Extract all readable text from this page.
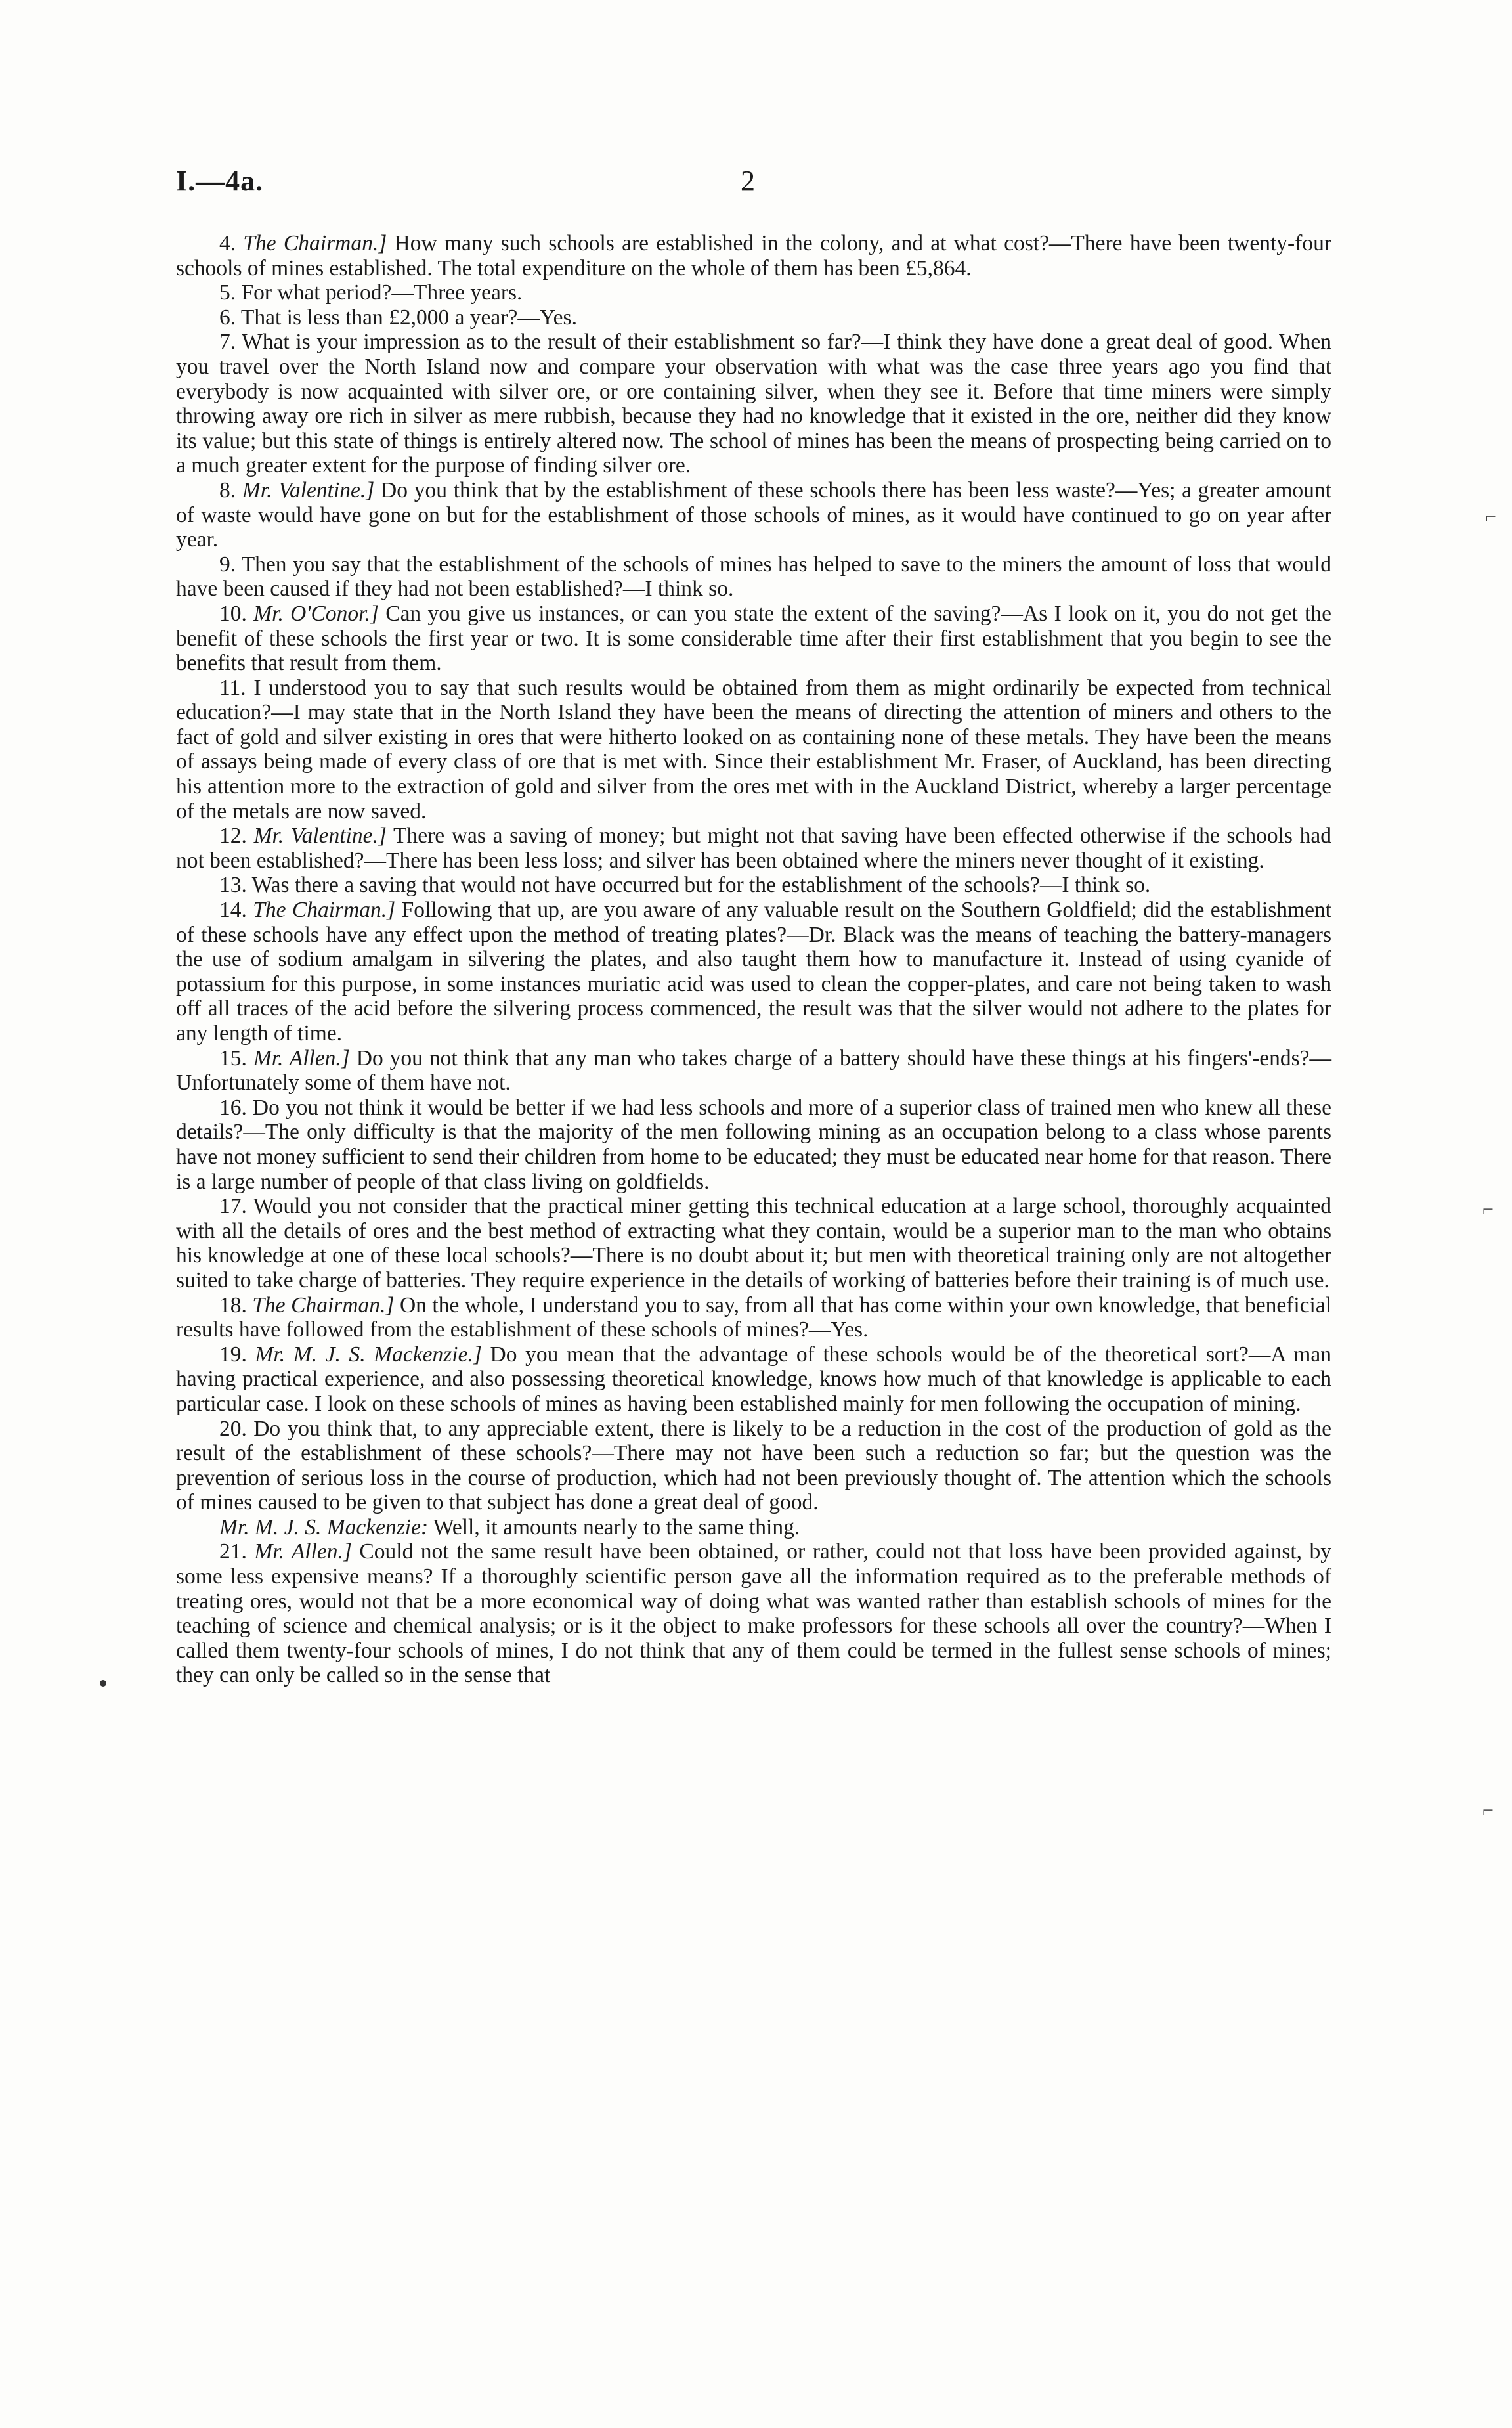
I.—4a.	2

4. The Chairman.] How many such schools are established in the colony, and at what cost?—There have been twenty-four schools of mines established. The total expenditure on the whole of them has been £5,864.

5. For what period?—Three years.

6. That is less than £2,000 a year?—Yes.

7. What is your impression as to the result of their establishment so far?—I think they have done a great deal of good. When you travel over the North Island now and compare your observation with what was the case three years ago you find that everybody is now acquainted with silver ore, or ore containing silver, when they see it. Before that time miners were simply throwing away ore rich in silver as mere rubbish, because they had no knowledge that it existed in the ore, neither did they know its value; but this state of things is entirely altered now. The school of mines has been the means of prospecting being carried on to a much greater extent for the purpose of finding silver ore.

8. Mr. Valentine.] Do you think that by the establishment of these schools there has been less waste?—Yes; a greater amount of waste would have gone on but for the establishment of those schools of mines, as it would have continued to go on year after year.

9. Then you say that the establishment of the schools of mines has helped to save to the miners the amount of loss that would have been caused if they had not been established?—I think so.

10. Mr. O'Conor.] Can you give us instances, or can you state the extent of the saving?—As I look on it, you do not get the benefit of these schools the first year or two. It is some considerable time after their first establishment that you begin to see the benefits that result from them.

11. I understood you to say that such results would be obtained from them as might ordinarily be expected from technical education?—I may state that in the North Island they have been the means of directing the attention of miners and others to the fact of gold and silver existing in ores that were hitherto looked on as containing none of these metals. They have been the means of assays being made of every class of ore that is met with. Since their establishment Mr. Fraser, of Auckland, has been directing his attention more to the extraction of gold and silver from the ores met with in the Auckland District, whereby a larger percentage of the metals are now saved.

12. Mr. Valentine.] There was a saving of money; but might not that saving have been effected otherwise if the schools had not been established?—There has been less loss; and silver has been obtained where the miners never thought of it existing.

13. Was there a saving that would not have occurred but for the establishment of the schools?—I think so.

14. The Chairman.] Following that up, are you aware of any valuable result on the Southern Goldfield; did the establishment of these schools have any effect upon the method of treating plates?—Dr. Black was the means of teaching the battery-managers the use of sodium amalgam in silvering the plates, and also taught them how to manufacture it. Instead of using cyanide of potassium for this purpose, in some instances muriatic acid was used to clean the copper-plates, and care not being taken to wash off all traces of the acid before the silvering process commenced, the result was that the silver would not adhere to the plates for any length of time.

15. Mr. Allen.] Do you not think that any man who takes charge of a battery should have these things at his fingers'-ends?—Unfortunately some of them have not.

16. Do you not think it would be better if we had less schools and more of a superior class of trained men who knew all these details?—The only difficulty is that the majority of the men following mining as an occupation belong to a class whose parents have not money sufficient to send their children from home to be educated; they must be educated near home for that reason. There is a large number of people of that class living on goldfields.

17. Would you not consider that the practical miner getting this technical education at a large school, thoroughly acquainted with all the details of ores and the best method of extracting what they contain, would be a superior man to the man who obtains his knowledge at one of these local schools?—There is no doubt about it; but men with theoretical training only are not altogether suited to take charge of batteries. They require experience in the details of working of batteries before their training is of much use.

18. The Chairman.] On the whole, I understand you to say, from all that has come within your own knowledge, that beneficial results have followed from the establishment of these schools of mines?—Yes.

19. Mr. M. J. S. Mackenzie.] Do you mean that the advantage of these schools would be of the theoretical sort?—A man having practical experience, and also possessing theoretical knowledge, knows how much of that knowledge is applicable to each particular case. I look on these schools of mines as having been established mainly for men following the occupation of mining.

20. Do you think that, to any appreciable extent, there is likely to be a reduction in the cost of the production of gold as the result of the establishment of these schools?—There may not have been such a reduction so far; but the question was the prevention of serious loss in the course of production, which had not been previously thought of. The attention which the schools of mines caused to be given to that subject has done a great deal of good.

Mr. M. J. S. Mackenzie: Well, it amounts nearly to the same thing.

21. Mr. Allen.] Could not the same result have been obtained, or rather, could not that loss have been provided against, by some less expensive means? If a thoroughly scientific person gave all the information required as to the preferable methods of treating ores, would not that be a more economical way of doing what was wanted rather than establish schools of mines for the teaching of science and chemical analysis; or is it the object to make professors for these schools all over the country?—When I called them twenty-four schools of mines, I do not think that any of them could be termed in the fullest sense schools of mines; they can only be called so in the sense that

⌐
⌐
⌐
